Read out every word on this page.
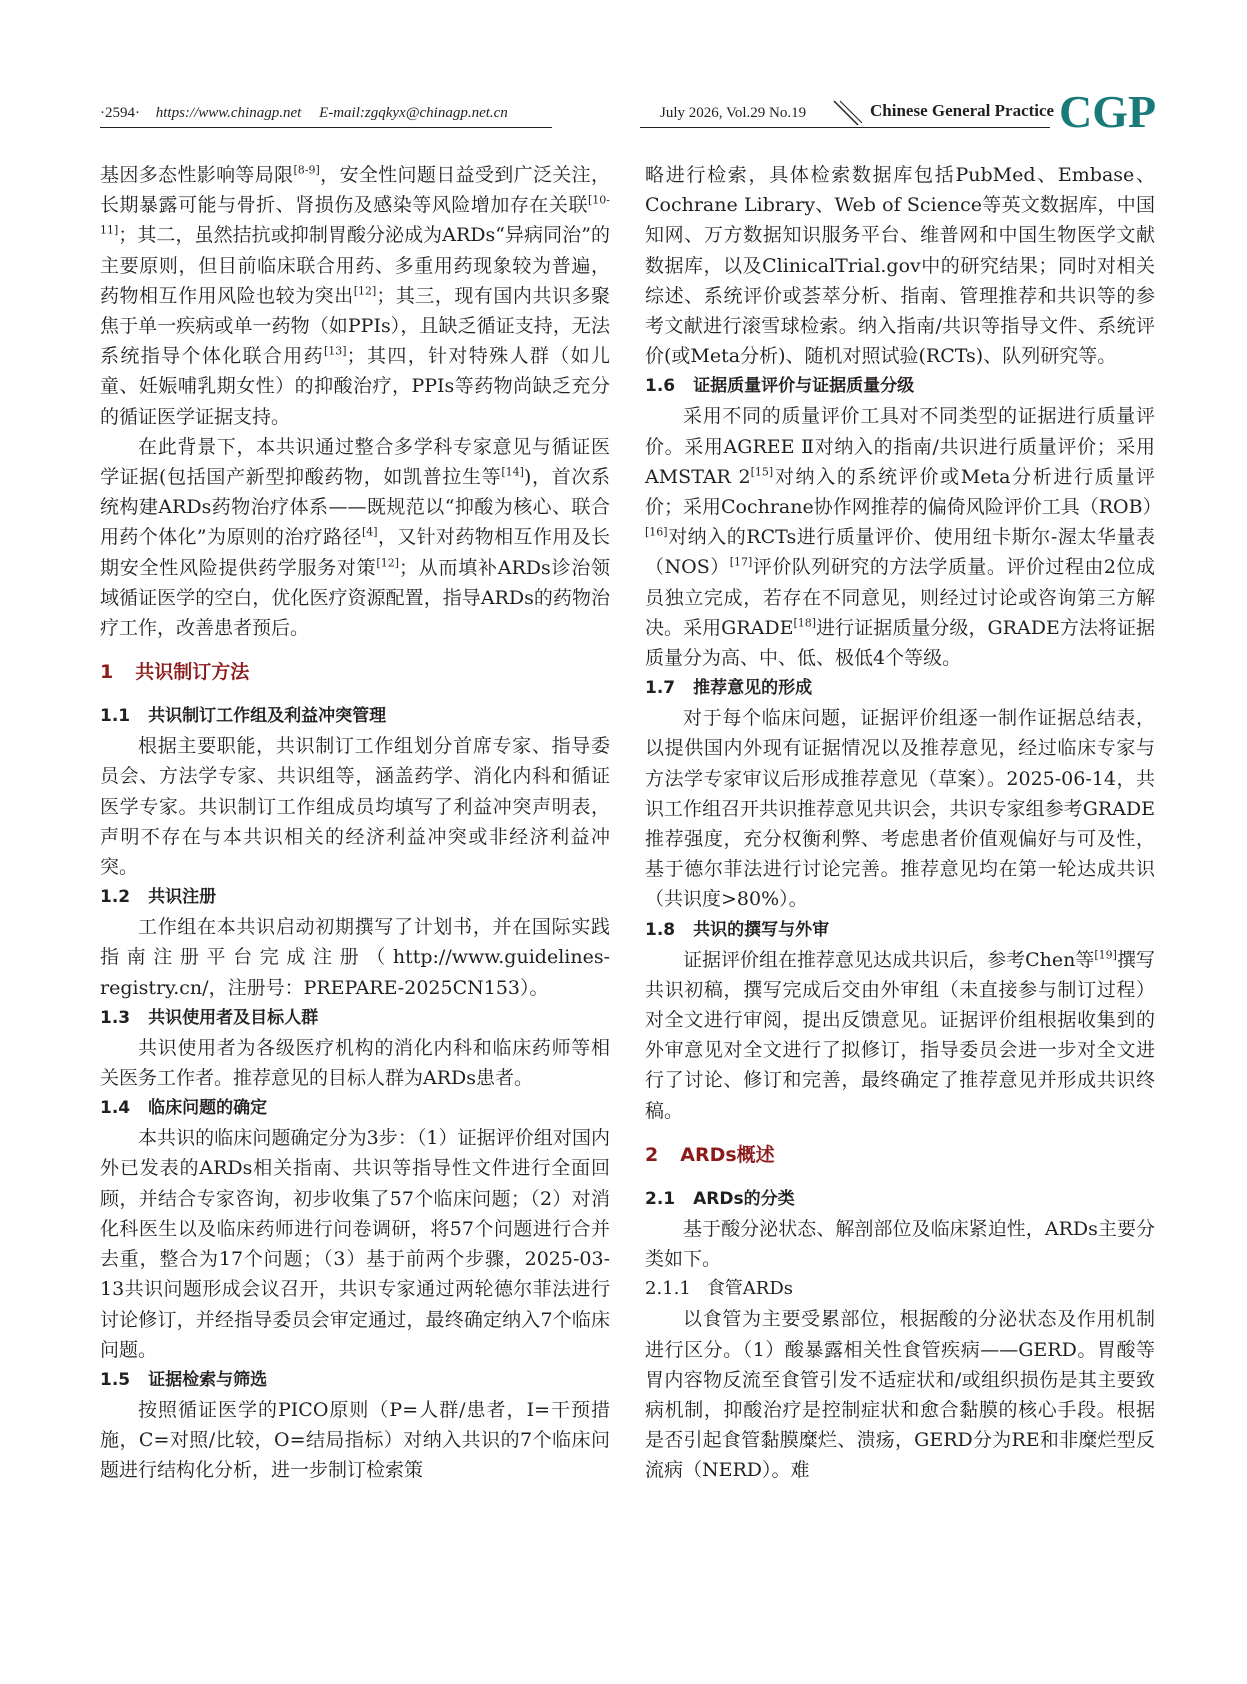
·2594· https://www.chinagp.net E-mail:zgqkyx@chinagp.net.cn	July 2026, Vol.29 No.19	Chinese General Practice CGP

基因多态性影响等局限[8-9]，安全性问题日益受到广泛关注，长期暴露可能与骨折、肾损伤及感染等风险增加存在关联[10-11]；其二，虽然拮抗或抑制胃酸分泌成为ARDs“异病同治”的主要原则，但目前临床联合用药、多重用药现象较为普遍，药物相互作用风险也较为突出[12]；其三，现有国内共识多聚焦于单一疾病或单一药物（如PPIs），且缺乏循证支持，无法系统指导个体化联合用药[13]；其四，针对特殊人群（如儿童、妊娠哺乳期女性）的抑酸治疗，PPIs等药物尚缺乏充分的循证医学证据支持。

在此背景下，本共识通过整合多学科专家意见与循证医学证据(包括国产新型抑酸药物，如凯普拉生等[14])，首次系统构建ARDs药物治疗体系——既规范以“抑酸为核心、联合用药个体化”为原则的治疗路径[4]，又针对药物相互作用及长期安全性风险提供药学服务对策[12]；从而填补ARDs诊治领域循证医学的空白，优化医疗资源配置，指导ARDs的药物治疗工作，改善患者预后。

1 共识制订方法
1.1 共识制订工作组及利益冲突管理

根据主要职能，共识制订工作组划分首席专家、指导委员会、方法学专家、共识组等，涵盖药学、消化内科和循证医学专家。共识制订工作组成员均填写了利益冲突声明表，声明不存在与本共识相关的经济利益冲突或非经济利益冲突。

1.2 共识注册

工作组在本共识启动初期撰写了计划书，并在国际实践指南注册平台完成注册（http://www.guidelines-registry.cn/，注册号：PREPARE-2025CN153）。

1.3 共识使用者及目标人群

共识使用者为各级医疗机构的消化内科和临床药师等相关医务工作者。推荐意见的目标人群为ARDs患者。

1.4 临床问题的确定

本共识的临床问题确定分为3步：（1）证据评价组对国内外已发表的ARDs相关指南、共识等指导性文件进行全面回顾，并结合专家咨询，初步收集了57个临床问题；（2）对消化科医生以及临床药师进行问卷调研，将57个问题进行合并去重，整合为17个问题；（3）基于前两个步骤，2025-03-13共识问题形成会议召开，共识专家通过两轮德尔菲法进行讨论修订，并经指导委员会审定通过，最终确定纳入7个临床问题。

1.5 证据检索与筛选

按照循证医学的PICO原则（P=人群/患者，I=干预措施，C=对照/比较，O=结局指标）对纳入共识的7个临床问题进行结构化分析，进一步制订检索策

略进行检索，具体检索数据库包括PubMed、Embase、Cochrane Library、Web of Science等英文数据库，中国知网、万方数据知识服务平台、维普网和中国生物医学文献数据库，以及ClinicalTrial.gov中的研究结果；同时对相关综述、系统评价或荟萃分析、指南、管理推荐和共识等的参考文献进行滚雪球检索。纳入指南/共识等指导文件、系统评价(或Meta分析)、随机对照试验(RCTs)、队列研究等。

1.6 证据质量评价与证据质量分级

采用不同的质量评价工具对不同类型的证据进行质量评价。采用AGREE Ⅱ对纳入的指南/共识进行质量评价；采用AMSTAR 2[15]对纳入的系统评价或Meta分析进行质量评价；采用Cochrane协作网推荐的偏倚风险评价工具（ROB）[16]对纳入的RCTs进行质量评价、使用纽卡斯尔-渥太华量表（NOS）[17]评价队列研究的方法学质量。评价过程由2位成员独立完成，若存在不同意见，则经过讨论或咨询第三方解决。采用GRADE[18]进行证据质量分级，GRADE方法将证据质量分为高、中、低、极低4个等级。

1.7 推荐意见的形成

对于每个临床问题，证据评价组逐一制作证据总结表，以提供国内外现有证据情况以及推荐意见，经过临床专家与方法学专家审议后形成推荐意见（草案）。2025-06-14，共识工作组召开共识推荐意见共识会，共识专家组参考GRADE推荐强度，充分权衡利弊、考虑患者价值观偏好与可及性，基于德尔菲法进行讨论完善。推荐意见均在第一轮达成共识（共识度>80%）。

1.8 共识的撰写与外审

证据评价组在推荐意见达成共识后，参考Chen等[19]撰写共识初稿，撰写完成后交由外审组（未直接参与制订过程）对全文进行审阅，提出反馈意见。证据评价组根据收集到的外审意见对全文进行了拟修订，指导委员会进一步对全文进行了讨论、修订和完善，最终确定了推荐意见并形成共识终稿。

2 ARDs概述
2.1 ARDs的分类

基于酸分泌状态、解剖部位及临床紧迫性，ARDs主要分类如下。

2.1.1 食管ARDs

以食管为主要受累部位，根据酸的分泌状态及作用机制进行区分。（1）酸暴露相关性食管疾病——GERD。胃酸等胃内容物反流至食管引发不适症状和/或组织损伤是其主要致病机制，抑酸治疗是控制症状和愈合黏膜的核心手段。根据是否引起食管黏膜糜烂、溃疡，GERD分为RE和非糜烂型反流病（NERD）。难
